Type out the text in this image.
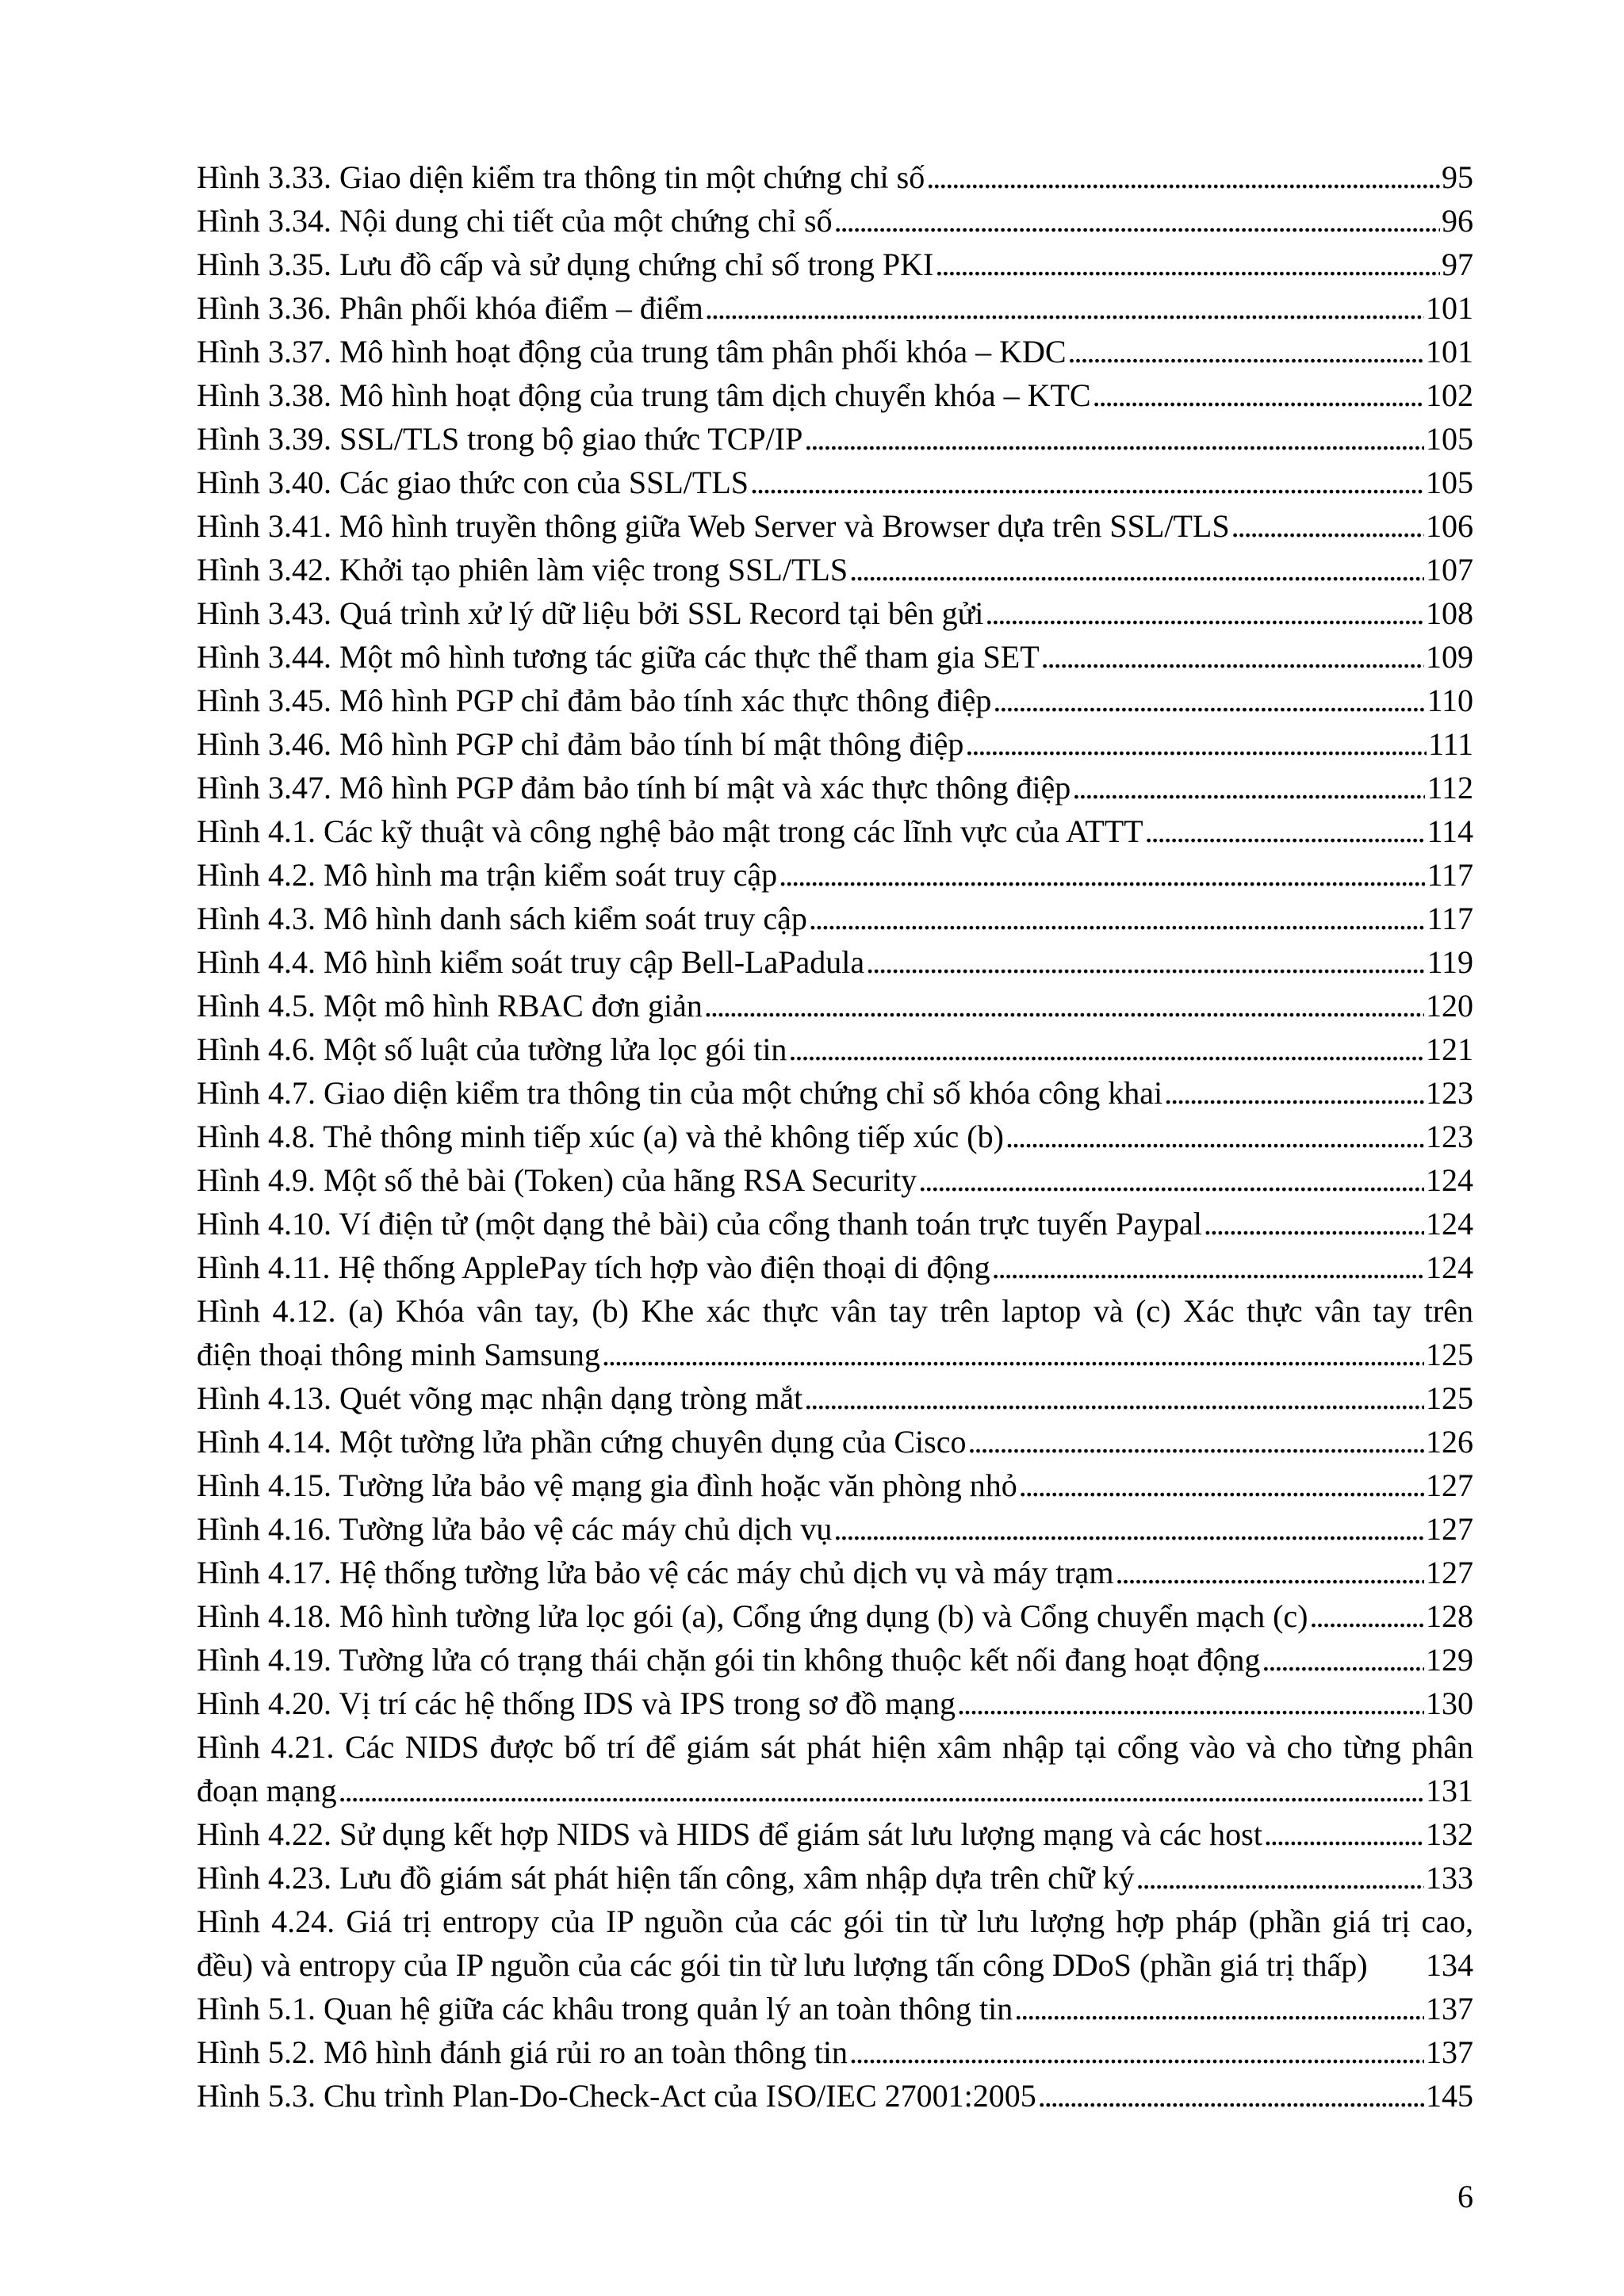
Hình 3.33. Giao diện kiểm tra thông tin một chứng chỉ số . . .	95
Hình 3.34. Nội dung chi tiết của một chứng chỉ số . . .	96
Hình 3.35. Lưu đồ cấp và sử dụng chứng chỉ số trong PKI . . .	97
Hình 3.36. Phân phối khóa điểm – điểm . . .	101
Hình 3.37. Mô hình hoạt động của trung tâm phân phối khóa – KDC . . .	101
Hình 3.38. Mô hình hoạt động của trung tâm dịch chuyển khóa – KTC . . .	102
Hình 3.39. SSL/TLS trong bộ giao thức TCP/IP . . .	105
Hình 3.40. Các giao thức con của SSL/TLS . . .	105
Hình 3.41. Mô hình truyền thông giữa Web Server và Browser dựa trên SSL/TLS . . .	106
Hình 3.42. Khởi tạo phiên làm việc trong SSL/TLS . . .	107
Hình 3.43. Quá trình xử lý dữ liệu bởi SSL Record tại bên gửi . . .	108
Hình 3.44. Một mô hình tương tác giữa các thực thể tham gia SET . . .	109
Hình 3.45. Mô hình PGP chỉ đảm bảo tính xác thực thông điệp . . .	110
Hình 3.46. Mô hình PGP chỉ đảm bảo tính bí mật thông điệp . . .	111
Hình 3.47. Mô hình PGP đảm bảo tính bí mật và xác thực thông điệp . . .	112
Hình 4.1. Các kỹ thuật và công nghệ bảo mật trong các lĩnh vực của ATTT . . .	114
Hình 4.2. Mô hình ma trận kiểm soát truy cập . . .	117
Hình 4.3. Mô hình danh sách kiểm soát truy cập . . .	117
Hình 4.4. Mô hình kiểm soát truy cập Bell-LaPadula . . .	119
Hình 4.5. Một mô hình RBAC đơn giản . . .	120
Hình 4.6. Một số luật của tường lửa lọc gói tin . . .	121
Hình 4.7. Giao diện kiểm tra thông tin của một chứng chỉ số khóa công khai . . .	123
Hình 4.8. Thẻ thông minh tiếp xúc (a) và thẻ không tiếp xúc (b) . . .	123
Hình 4.9. Một số thẻ bài (Token) của hãng RSA Security . . .	124
Hình 4.10. Ví điện tử (một dạng thẻ bài) của cổng thanh toán trực tuyến Paypal . . .	124
Hình 4.11. Hệ thống ApplePay tích hợp vào điện thoại di động . . .	124
Hình 4.12. (a) Khóa vân tay, (b) Khe xác thực vân tay trên laptop và (c) Xác thực vân tay trên
điện thoại thông minh Samsung . . .	125
Hình 4.13. Quét võng mạc nhận dạng tròng mắt . . .	125
Hình 4.14. Một tường lửa phần cứng chuyên dụng của Cisco . . .	126
Hình 4.15. Tường lửa bảo vệ mạng gia đình hoặc văn phòng nhỏ . . .	127
Hình 4.16. Tường lửa bảo vệ các máy chủ dịch vụ . . .	127
Hình 4.17. Hệ thống tường lửa bảo vệ các máy chủ dịch vụ và máy trạm . . .	127
Hình 4.18. Mô hình tường lửa lọc gói (a), Cổng ứng dụng (b) và Cổng chuyển mạch (c) . . .	128
Hình 4.19. Tường lửa có trạng thái chặn gói tin không thuộc kết nối đang hoạt động . . .	129
Hình 4.20. Vị trí các hệ thống IDS và IPS trong sơ đồ mạng . . .	130
Hình 4.21. Các NIDS được bố trí để giám sát phát hiện xâm nhập tại cổng vào và cho từng phân
đoạn mạng . . .	131
Hình 4.22. Sử dụng kết hợp NIDS và HIDS để giám sát lưu lượng mạng và các host . . .	132
Hình 4.23. Lưu đồ giám sát phát hiện tấn công, xâm nhập dựa trên chữ ký . . .	133
Hình 4.24. Giá trị entropy của IP nguồn của các gói tin từ lưu lượng hợp pháp (phần giá trị cao,
đều) và entropy của IP nguồn của các gói tin từ lưu lượng tấn công DDoS (phần giá trị thấp) 134
Hình 5.1. Quan hệ giữa các khâu trong quản lý an toàn thông tin . . .	137
Hình 5.2. Mô hình đánh giá rủi ro an toàn thông tin . . .	137
Hình 5.3. Chu trình Plan-Do-Check-Act của ISO/IEC 27001:2005 . . .	145
6
